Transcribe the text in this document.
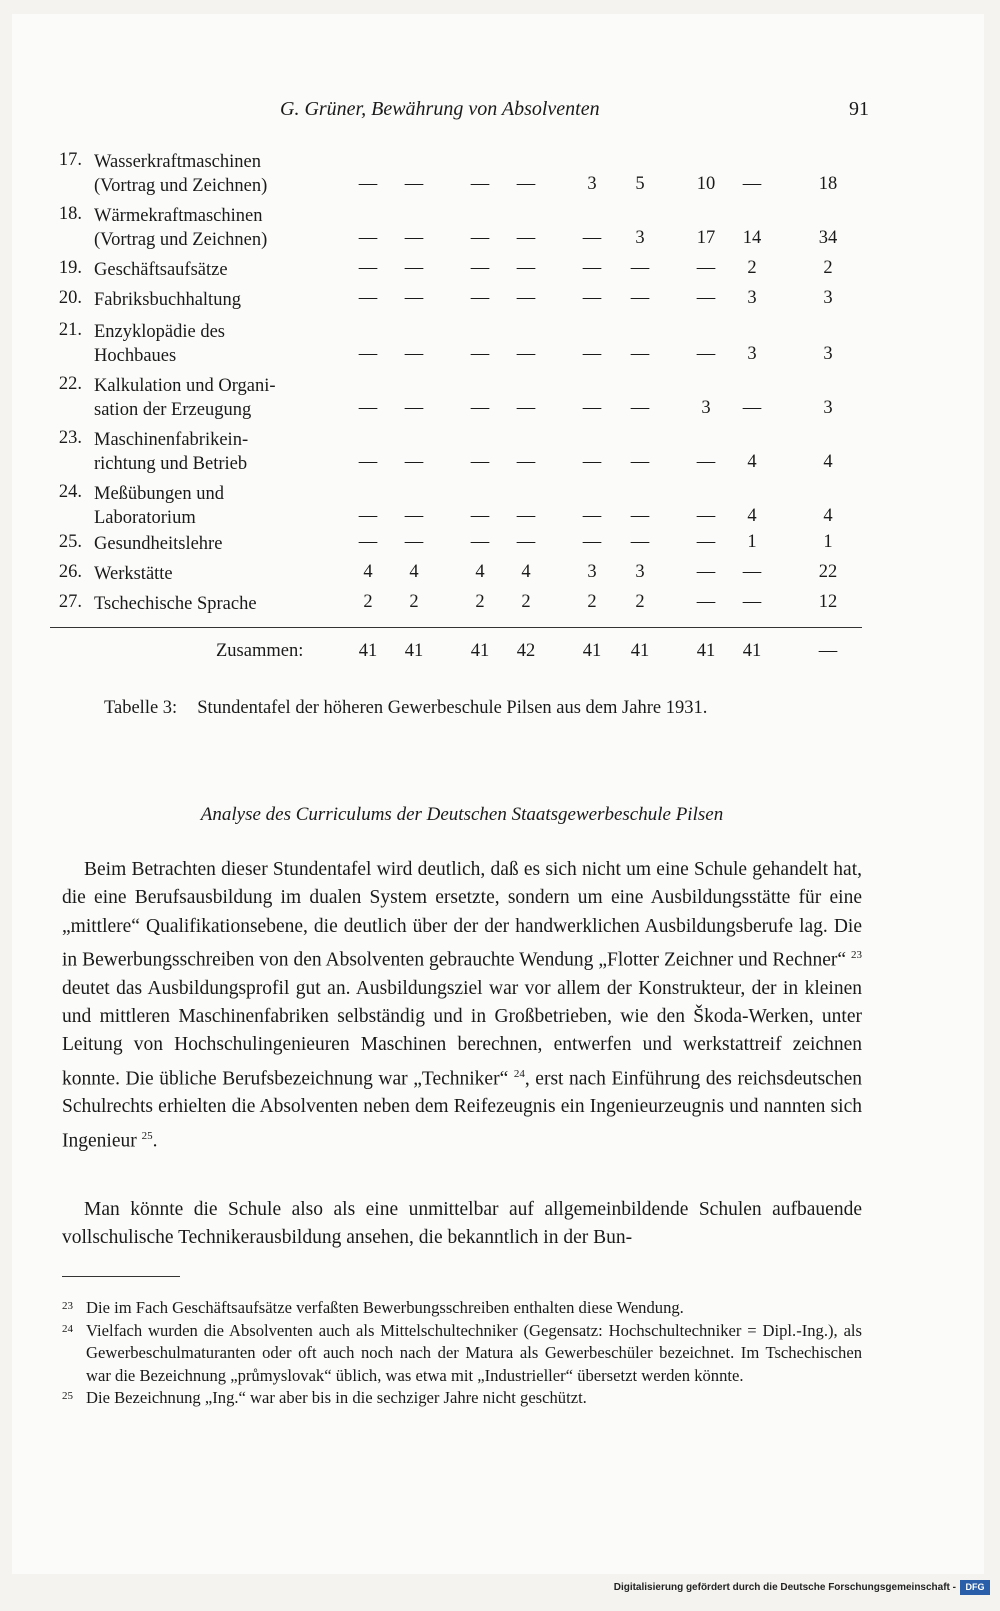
G. Grüner, Bewährung von Absolventen	91
17. Wasserkraftmaschinen
(Vortrag und Zeichnen)	—	—	—	—	3	5	10	—	18
18. Wärmekraftmaschinen
(Vortrag und Zeichnen)	—	—	—	—	—	3	17	14	34
19. Geschäftsaufsätze	—	—	—	—	—	—	—	2	2
20. Fabriksbuchhaltung	—	—	—	—	—	—	—	3	3
21. Enzyklopädie des
Hochbaues	—	—	—	—	—	—	—	3	3
22. Kalkulation und Organi-
sation der Erzeugung	—	—	—	—	—	—	3	—	3
23. Maschinenfabrikein-
richtung und Betrieb	—	—	—	—	—	—	—	4	4
24. Meßübungen und
Laboratorium	—	—	—	—	—	—	—	4	4
25. Gesundheitslehre	—	—	—	—	—	—	—	1	1
26. Werkstätte	4	4	4	4	3	3	—	—	22
27. Tschechische Sprache	2	2	2	2	2	2	—	—	12
Zusammen:	41	41	41	42	41	41	41	41	—
Tabelle 3: Stundentafel der höheren Gewerbeschule Pilsen aus dem Jahre 1931.
Analyse des Curriculums der Deutschen Staatsgewerbeschule Pilsen
Beim Betrachten dieser Stundentafel wird deutlich, daß es sich nicht um eine Schule gehandelt hat, die eine Berufsausbildung im dualen System ersetzte, sondern um eine Ausbildungsstätte für eine „mittlere“ Qualifikationsebene, die deutlich über der der handwerklichen Ausbildungsberufe lag. Die in Bewerbungsschreiben von den Absolventen gebrauchte Wendung „Flotter Zeichner und Rechner“ $^{23}$ deutet das Ausbildungsprofil gut an. Ausbildungsziel war vor allem der Konstrukteur, der in kleinen und mittleren Maschinenfabriken selbständig und in Großbetrieben, wie den Škoda-Werken, unter Leitung von Hochschulingenieuren Maschinen berechnen, entwerfen und werkstattreif zeichnen konnte. Die übliche Berufsbezeichnung war „Techniker“ $^{24}$, erst nach Einführung des reichsdeutschen Schulrechts erhielten die Absolventen neben dem Reifezeugnis ein Ingenieurzeugnis und nannten sich Ingenieur $^{25}$.
Man könnte die Schule also als eine unmittelbar auf allgemeinbildende Schulen aufbauende vollschulische Technikerausbildung ansehen, die bekanntlich in der Bun-
23 Die im Fach Geschäftsaufsätze verfaßten Bewerbungsschreiben enthalten diese Wendung.
24 Vielfach wurden die Absolventen auch als Mittelschultechniker (Gegensatz: Hochschultechniker = Dipl.-Ing.), als Gewerbeschulmaturanten oder oft auch noch nach der Matura als Gewerbeschüler bezeichnet. Im Tschechischen war die Bezeichnung „průmyslovak“ üblich, was etwa mit „Industrieller“ übersetzt werden könnte.
25 Die Bezeichnung „Ing.“ war aber bis in die sechziger Jahre nicht geschützt.
Digitalisierung gefördert durch die Deutsche Forschungsgemeinschaft -	DFG
